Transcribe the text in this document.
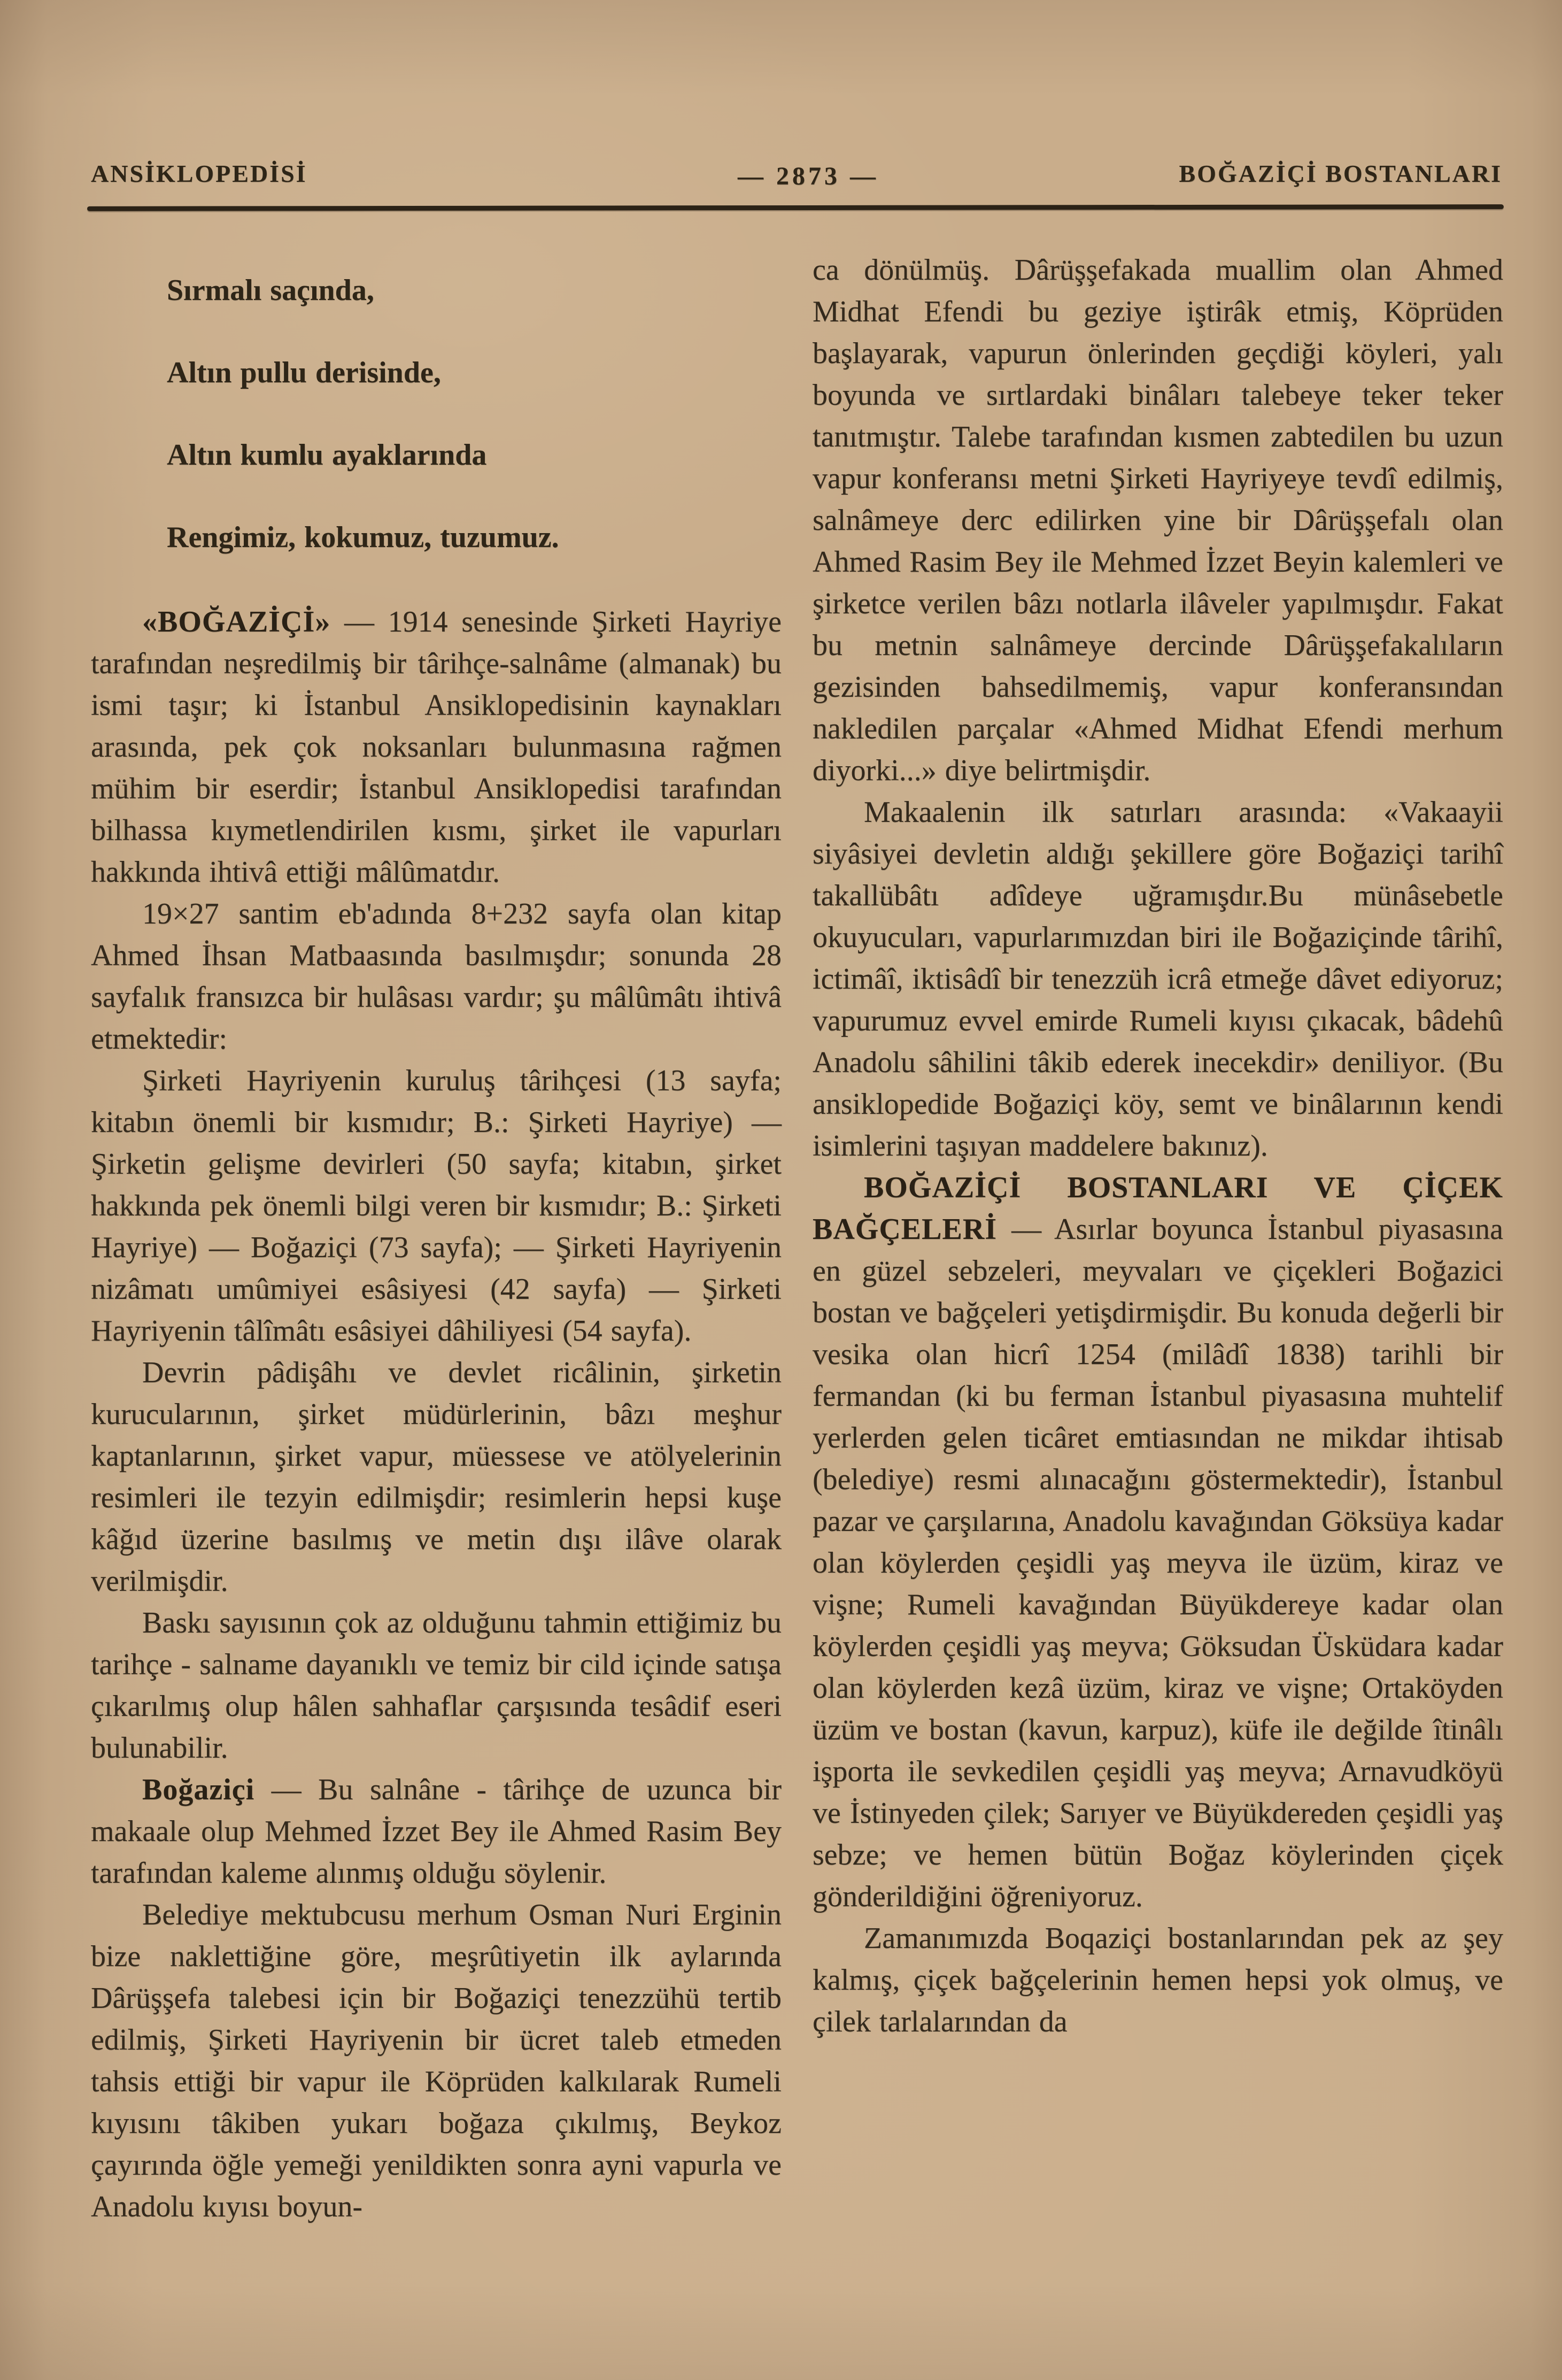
ANSİKLOPEDİSİ	— 2873 —	BOĞAZİÇİ BOSTANLARI
Sırmalı saçında,
Altın pullu derisinde,
Altın kumlu ayaklarında
Rengimiz, kokumuz, tuzumuz.

«BOĞAZİÇİ» — 1914 senesinde Şirketi Hayriye tarafından neşredilmiş bir târihçe-salnâme (almanak) bu ismi taşır; ki İstanbul Ansiklopedisinin kaynakları arasında, pek çok noksanları bulunmasına rağmen mühim bir eserdir; İstanbul Ansiklopedisi tarafından bilhassa kıymetlendirilen kısmı, şirket ile vapurları hakkında ihtivâ ettiği mâlûmatdır.

19×27 santim eb'adında 8+232 sayfa olan kitap Ahmed İhsan Matbaasında basılmışdır; sonunda 28 sayfalık fransızca bir hulâsası vardır; şu mâlûmâtı ihtivâ etmektedir:

Şirketi Hayriyenin kuruluş târihçesi (13 sayfa; kitabın önemli bir kısmıdır; B.: Şirketi Hayriye) — Şirketin gelişme devirleri (50 sayfa; kitabın, şirket hakkında pek önemli bilgi veren bir kısmıdır; B.: Şirketi Hayriye) — Boğaziçi (73 sayfa); — Şirketi Hayriyenin nizâmatı umûmiyei esâsiyesi (42 sayfa) — Şirketi Hayriyenin tâlîmâtı esâsiyei dâhiliyesi (54 sayfa).

Devrin pâdişâhı ve devlet ricâlinin, şirketin kurucularının, şirket müdürlerinin, bâzı meşhur kaptanlarının, şirket vapur, müessese ve atölyelerinin resimleri ile tezyin edilmişdir; resimlerin hepsi kuşe kâğıd üzerine basılmış ve metin dışı ilâve olarak verilmişdir.

Baskı sayısının çok az olduğunu tahmin ettiğimiz bu tarihçe - salname dayanıklı ve temiz bir cild içinde satışa çıkarılmış olup hâlen sahhaflar çarşısında tesâdif eseri bulunabilir.

Boğaziçi — Bu salnâne - târihçe de uzunca bir makaale olup Mehmed İzzet Bey ile Ahmed Rasim Bey tarafından kaleme alınmış olduğu söylenir.

Belediye mektubcusu merhum Osman Nuri Erginin bize naklettiğine göre, meşrûtiyetin ilk aylarında Dârüşşefa talebesi için bir Boğaziçi tenezzühü tertib edilmiş, Şirketi Hayriyenin bir ücret taleb etmeden tahsis ettiği bir vapur ile Köprüden kalkılarak Rumeli kıyısını tâkiben yukarı boğaza çıkılmış, Beykoz çayırında öğle yemeği yenildikten sonra ayni vapurla ve Anadolu kıyısı boyun-

ca dönülmüş. Dârüşşefakada muallim olan Ahmed Midhat Efendi bu geziye iştirâk etmiş, Köprüden başlayarak, vapurun önlerinden geçdiği köyleri, yalı boyunda ve sırtlardaki binâları talebeye teker teker tanıtmıştır. Talebe tarafından kısmen zabtedilen bu uzun vapur konferansı metni Şirketi Hayriyeye tevdî edilmiş, salnâmeye derc edilirken yine bir Dârüşşefalı olan Ahmed Rasim Bey ile Mehmed İzzet Beyin kalemleri ve şirketce verilen bâzı notlarla ilâveler yapılmışdır. Fakat bu metnin salnâmeye dercinde Dârüşşefakalıların gezisinden bahsedilmemiş, vapur konferansından nakledilen parçalar «Ahmed Midhat Efendi merhum diyorki...» diye belirtmişdir.

Makaalenin ilk satırları arasında: «Vakaayii siyâsiyei devletin aldığı şekillere göre Boğaziçi tarihî takallübâtı adîdeye uğramışdır.Bu münâsebetle okuyucuları, vapurlarımızdan biri ile Boğaziçinde târihî, ictimâî, iktisâdî bir tenezzüh icrâ etmeğe dâvet ediyoruz; vapurumuz evvel emirde Rumeli kıyısı çıkacak, bâdehû Anadolu sâhilini tâkib ederek inecekdir» deniliyor. (Bu ansiklopedide Boğaziçi köy, semt ve binâlarının kendi isimlerini taşıyan maddelere bakınız).

BOĞAZİÇİ BOSTANLARI VE ÇİÇEK BAĞÇELERİ — Asırlar boyunca İstanbul piyasasına en güzel sebzeleri, meyvaları ve çiçekleri Boğazici bostan ve bağçeleri yetişdirmişdir. Bu konuda değerli bir vesika olan hicrî 1254 (milâdî 1838) tarihli bir fermandan (ki bu ferman İstanbul piyasasına muhtelif yerlerden gelen ticâret emtiasından ne mikdar ihtisab (belediye) resmi alınacağını göstermektedir), İstanbul pazar ve çarşılarına, Anadolu kavağından Göksüya kadar olan köylerden çeşidli yaş meyva ile üzüm, kiraz ve vişne; Rumeli kavağından Büyükdereye kadar olan köylerden çeşidli yaş meyva; Göksudan Üsküdara kadar olan köylerden kezâ üzüm, kiraz ve vişne; Ortaköyden üzüm ve bostan (kavun, karpuz), küfe ile değilde îtinâlı işporta ile sevkedilen çeşidli yaş meyva; Arnavudköyü ve İstinyeden çilek; Sarıyer ve Büyükdereden çeşidli yaş sebze; ve hemen bütün Boğaz köylerinden çiçek gönderildiğini öğreniyoruz.

Zamanımızda Boqaziçi bostanlarından pek az şey kalmış, çiçek bağçelerinin hemen hepsi yok olmuş, ve çilek tarlalarından da
